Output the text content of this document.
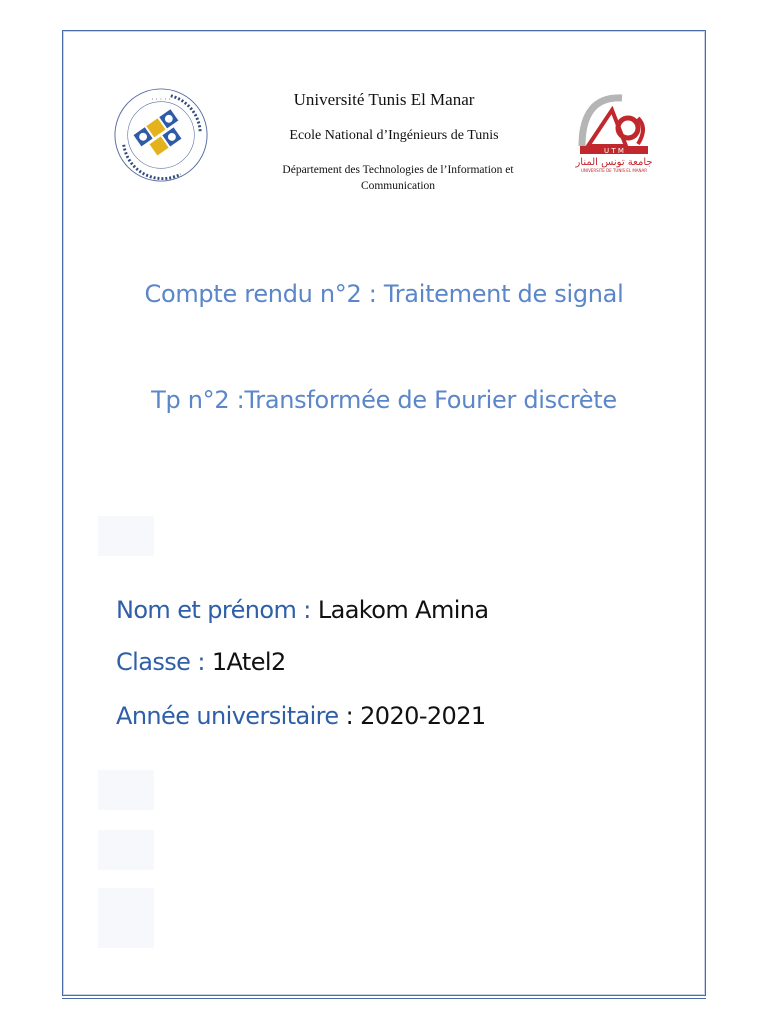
· · · · ·
U T M
جامعة تونس المنار
UNIVERSITE DE TUNIS EL MANAR
Université Tunis El Manar
Ecole National d’Ingénieurs de Tunis
Département des Technologies de l’Information et
Communication
Compte rendu n°2 : Traitement de signal
Tp n°2 :Transformée de Fourier discrète
Nom et prénom : Laakom Amina
Classe : 1Atel2
Année universitaire : 2020-2021
